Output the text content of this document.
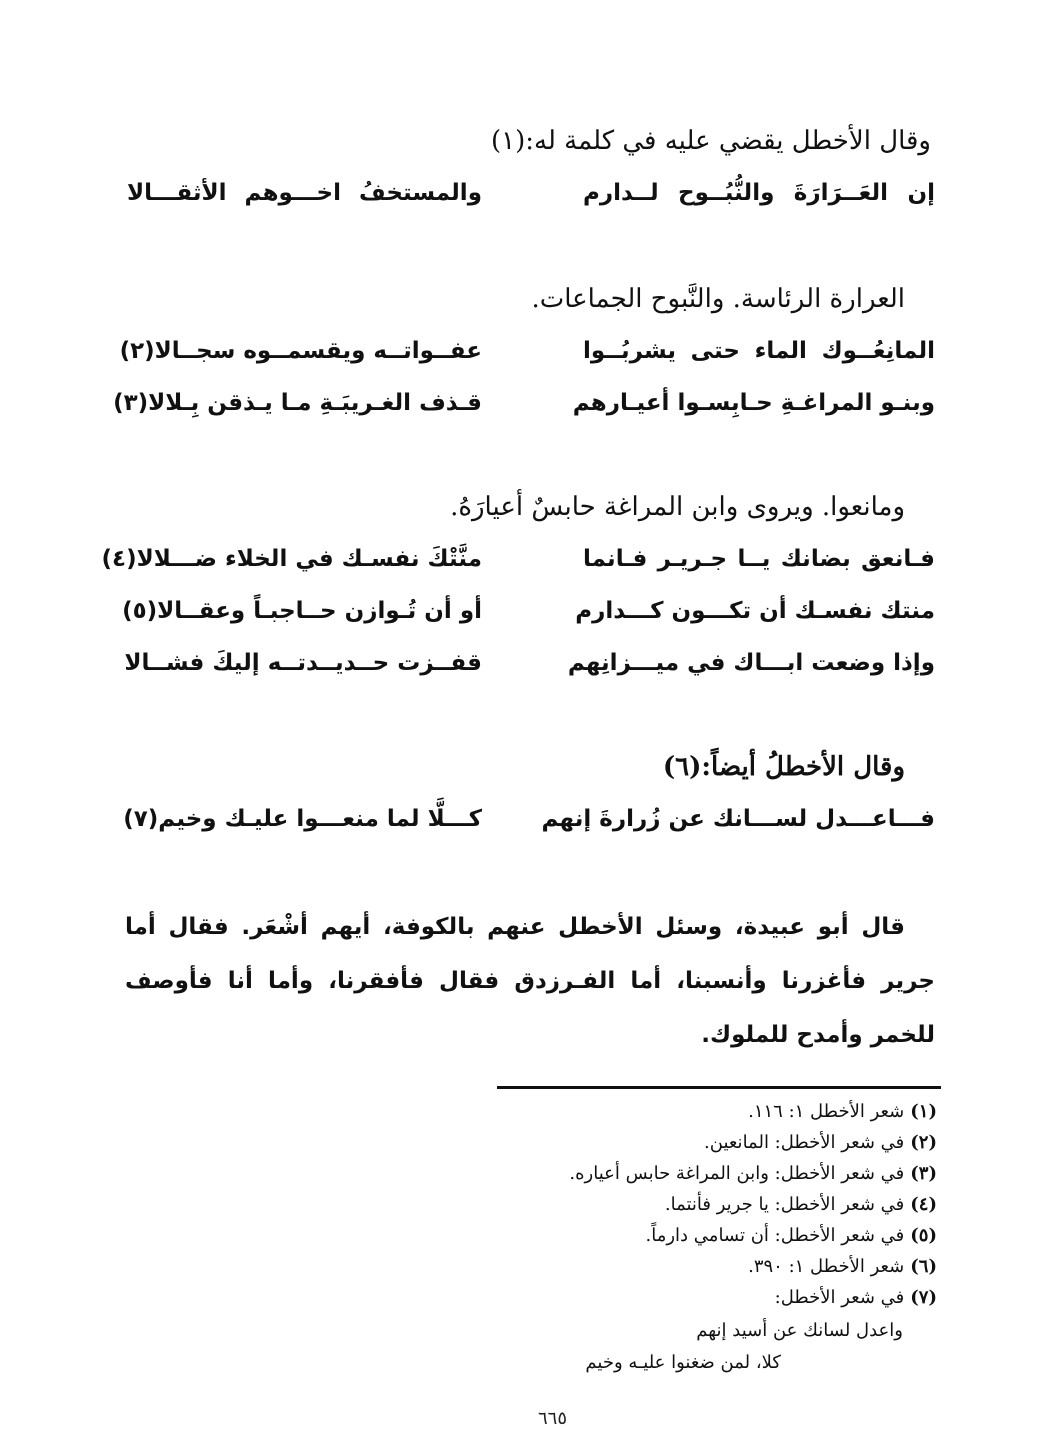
وقال الأخطل يقضي عليه في كلمة له:(١)
إن العَــرَارَةَ والنُّبُــوح لــدارم
والمستخفُ اخـــوهم الأثقـــالا
العرارة الرئاسة. والنَّبوح الجماعات.
المانِعُــوك الماء حتى يشربُــوا
عفــواتــه ويقسمــوه سجــالا(٢)
وبنـو المراغـةِ حـابِسـوا أعيـارهم
قـذف الغـريبَـةِ مـا يـذقن بِـلالا(٣)
ومانعوا. ويروى وابن المراغة حابسٌ أعيارَهُ.
فـانعق بضانك يــا جـريـر فـانما
منَّتْكَ نفسـك في الخلاء ضـــلالا(٤)
منتك نفسـك أن تكـــون كـــدارم
أو أن تُـوازن حــاجبـاً وعقــالا(٥)
وإذا وضعت ابـــاك في ميـــزانِهم
قفــزت حــديــدتــه إليكَ فشــالا
وقال الأخطلُ أيضاً:(٦)
فـــاعـــدل لســـانك عن زُرارةَ إنهم
كـــلَّا لما منعـــوا عليـك وخيم(٧)
قال أبو عبيدة، وسئل الأخطل عنهم بالكوفة، أيهم أشْعَر. فقال أما
جرير فأغزرنا وأنسبنا، أما الفـرزدق فقال فأفقرنا، وأما أنا فأوصف
للخمر وأمدح للملوك.
(١)شعر الأخطل ١: ١١٦.
(٢)في شعر الأخطل: المانعين.
(٣)في شعر الأخطل: وابن المراغة حابس أعياره.
(٤)في شعر الأخطل: يا جرير فأنتما.
(٥)في شعر الأخطل: أن تسامي دارماً.
(٦)شعر الأخطل ١: ٣٩٠.
(٧)في شعر الأخطل:
واعدل لسانك عن أسيد إنهم
كلا، لمن ضغنوا عليـه وخيم
٦٦٥
